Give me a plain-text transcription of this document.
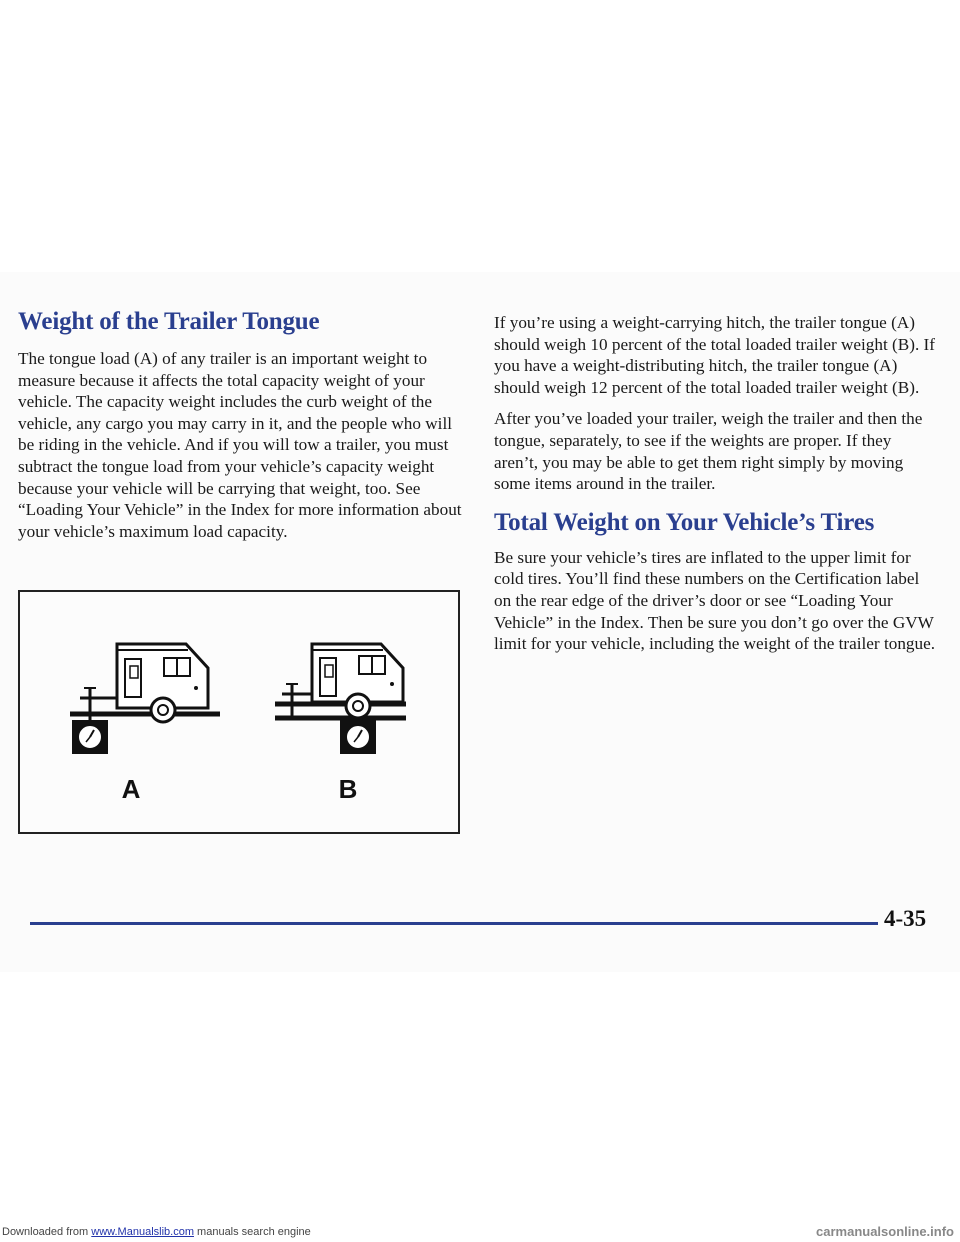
Weight of the Trailer Tongue

The tongue load (A) of any trailer is an important weight to measure because it affects the total capacity weight of your vehicle. The capacity weight includes the curb weight of the vehicle, any cargo you may carry in it, and the people who will be riding in the vehicle. And if you will tow a trailer, you must subtract the tongue load from your vehicle’s capacity weight because your vehicle will be carrying that weight, too. See “Loading Your Vehicle” in the Index for more information about your vehicle’s maximum load capacity.

A	B

If you’re using a weight-carrying hitch, the trailer tongue (A) should weigh 10 percent of the total loaded trailer weight (B). If you have a weight-distributing hitch, the trailer tongue (A) should weigh 12 percent of the total loaded trailer weight (B).

After you’ve loaded your trailer, weigh the trailer and then the tongue, separately, to see if the weights are proper. If they aren’t, you may be able to get them right simply by moving some items around in the trailer.

Total Weight on Your Vehicle’s Tires

Be sure your vehicle’s tires are inflated to the upper limit for cold tires. You’ll find these numbers on the Certification label on the rear edge of the driver’s door or see “Loading Your Vehicle” in the Index. Then be sure you don’t go over the GVW limit for your vehicle, including the weight of the trailer tongue.

4-35
Downloaded from www.Manualslib.com manuals search engine	carmanualsonline.info
